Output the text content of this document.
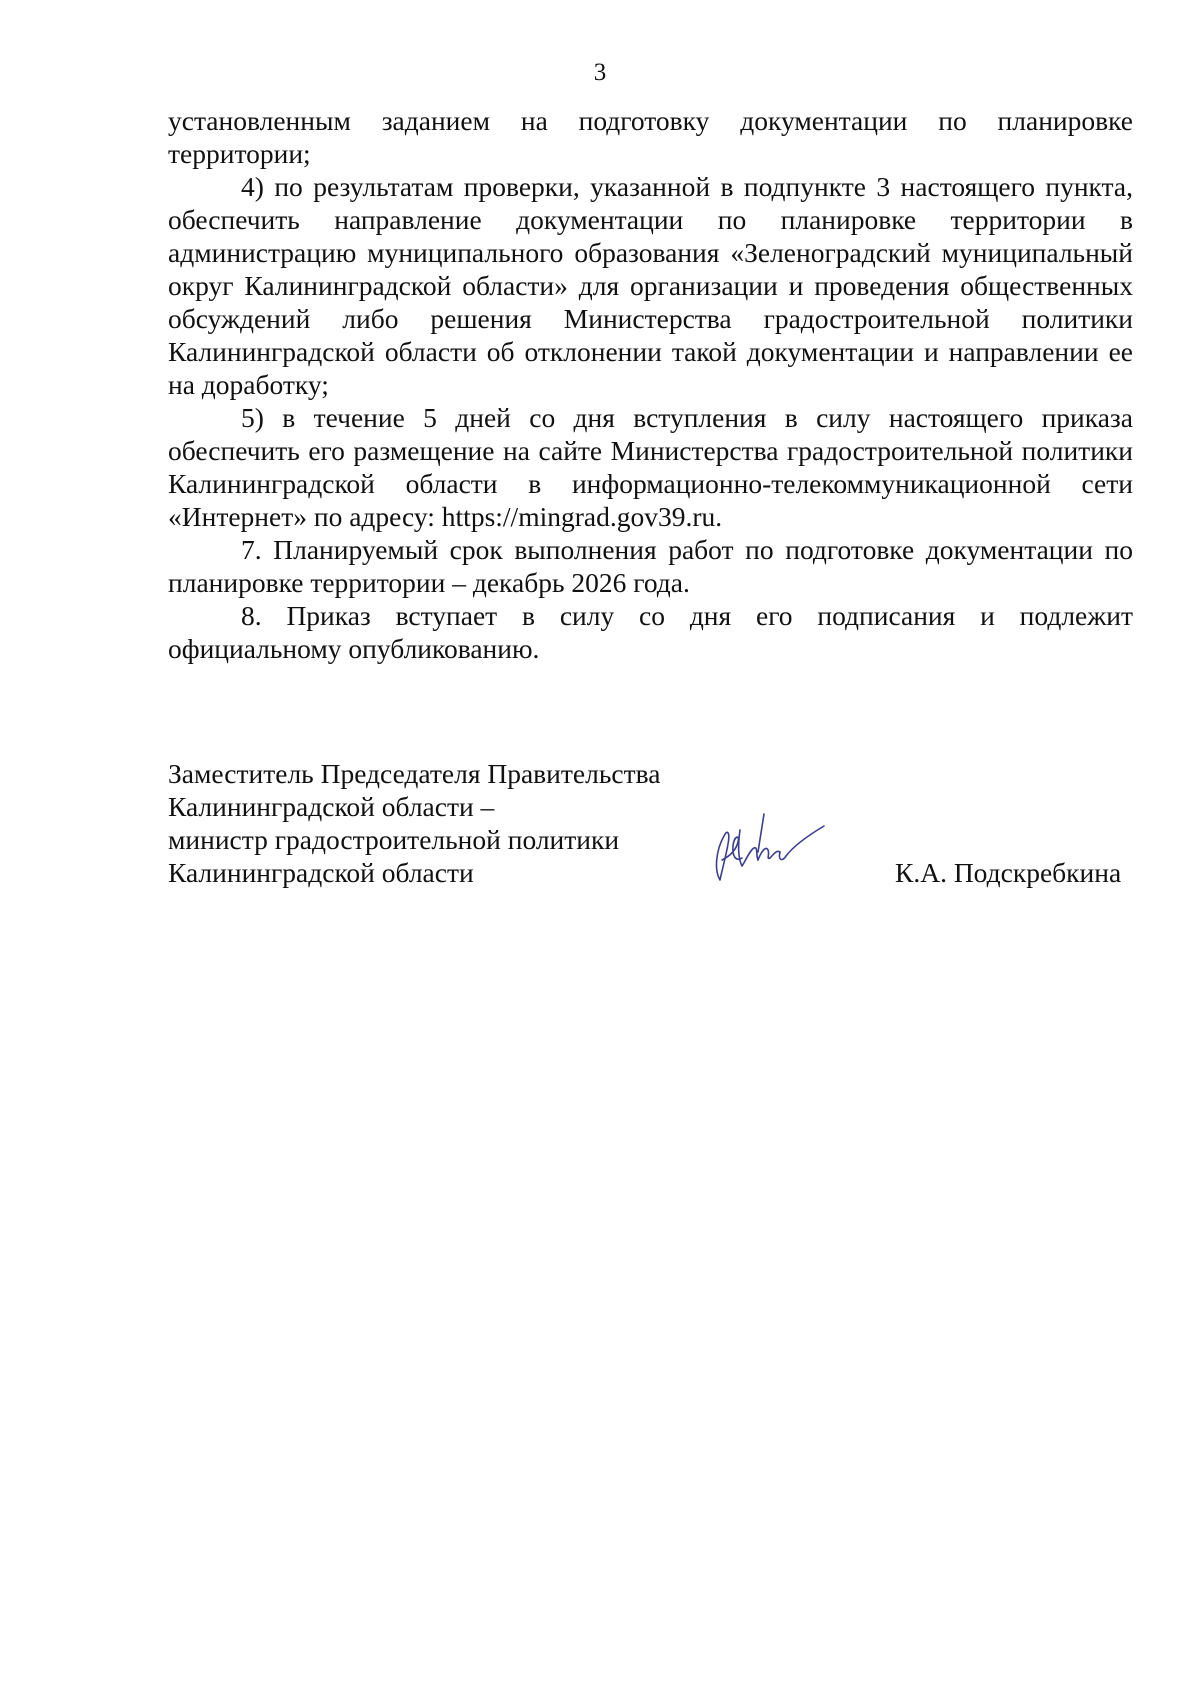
3

установленным заданием на подготовку документации по планировке территории;

4) по результатам проверки, указанной в подпункте 3 настоящего пункта, обеспечить направление документации по планировке территории в администрацию муниципального образования «Зеленоградский муниципальный округ Калининградской области» для организации и проведения общественных обсуждений либо решения Министерства градостроительной политики Калининградской области об отклонении такой документации и направлении ее на доработку;

5) в течение 5 дней со дня вступления в силу настоящего приказа обеспечить его размещение на сайте Министерства градостроительной политики Калининградской области в информационно-телекоммуникационной сети «Интернет» по адресу: https://mingrad.gov39.ru.

7. Планируемый срок выполнения работ по подготовке документации по планировке территории – декабрь 2026 года.

8. Приказ вступает в силу со дня его подписания и подлежит официальному опубликованию.

Заместитель Председателя Правительства
Калининградской области –
министр градостроительной политики
Калининградской области	К.А. Подскребкина
